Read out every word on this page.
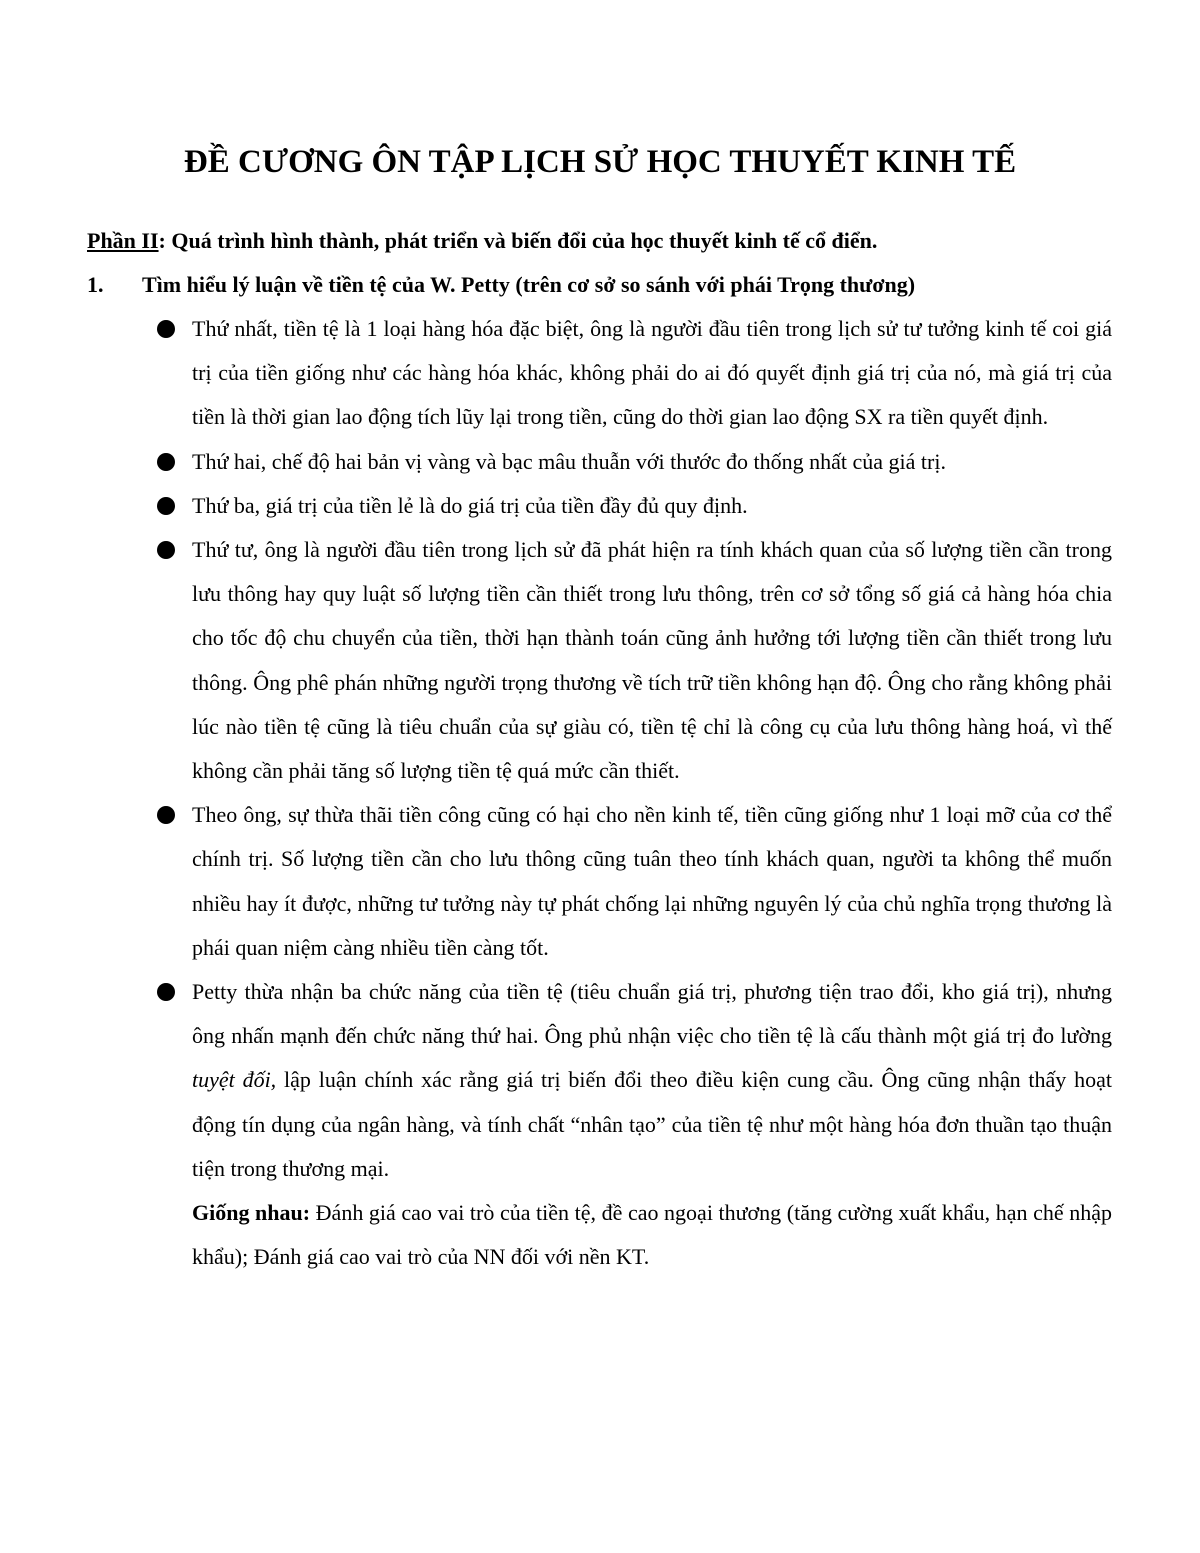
ĐỀ CƯƠNG ÔN TẬP LỊCH SỬ HỌC THUYẾT KINH TẾ
Phần II: Quá trình hình thành, phát triển và biến đổi của học thuyết kinh tế cổ điển.
1. Tìm hiểu lý luận về tiền tệ của W. Petty (trên cơ sở so sánh với phái Trọng thương)
Thứ nhất, tiền tệ là 1 loại hàng hóa đặc biệt, ông là người đầu tiên trong lịch sử tư tưởng kinh tế coi giá trị của tiền giống như các hàng hóa khác, không phải do ai đó quyết định giá trị của nó, mà giá trị của tiền là thời gian lao động tích lũy lại trong tiền, cũng do thời gian lao động SX ra tiền quyết định.
Thứ hai, chế độ hai bản vị vàng và bạc mâu thuẫn với thước đo thống nhất của giá trị.
Thứ ba, giá trị của tiền lẻ là do giá trị của tiền đầy đủ quy định.
Thứ tư, ông là người đầu tiên trong lịch sử đã phát hiện ra tính khách quan của số lượng tiền cần trong lưu thông hay quy luật số lượng tiền cần thiết trong lưu thông, trên cơ sở tổng số giá cả hàng hóa chia cho tốc độ chu chuyển của tiền, thời hạn thành toán cũng ảnh hưởng tới lượng tiền cần thiết trong lưu thông. Ông phê phán những người trọng thương về tích trữ tiền không hạn độ. Ông cho rằng không phải lúc nào tiền tệ cũng là tiêu chuẩn của sự giàu có, tiền tệ chỉ là công cụ của lưu thông hàng hoá, vì thế không cần phải tăng số lượng tiền tệ quá mức cần thiết.
Theo ông, sự thừa thãi tiền công cũng có hại cho nền kinh tế, tiền cũng giống như 1 loại mỡ của cơ thể chính trị. Số lượng tiền cần cho lưu thông cũng tuân theo tính khách quan, người ta không thể muốn nhiều hay ít được, những tư tưởng này tự phát chống lại những nguyên lý của chủ nghĩa trọng thương là phái quan niệm càng nhiều tiền càng tốt.
Petty thừa nhận ba chức năng của tiền tệ (tiêu chuẩn giá trị, phương tiện trao đổi, kho giá trị), nhưng ông nhấn mạnh đến chức năng thứ hai. Ông phủ nhận việc cho tiền tệ là cấu thành một giá trị đo lường tuyệt đối, lập luận chính xác rằng giá trị biến đổi theo điều kiện cung cầu. Ông cũng nhận thấy hoạt động tín dụng của ngân hàng, và tính chất “nhân tạo” của tiền tệ như một hàng hóa đơn thuần tạo thuận tiện trong thương mại.
Giống nhau: Đánh giá cao vai trò của tiền tệ, đề cao ngoại thương (tăng cường xuất khẩu, hạn chế nhập khẩu); Đánh giá cao vai trò của NN đối với nền KT.
